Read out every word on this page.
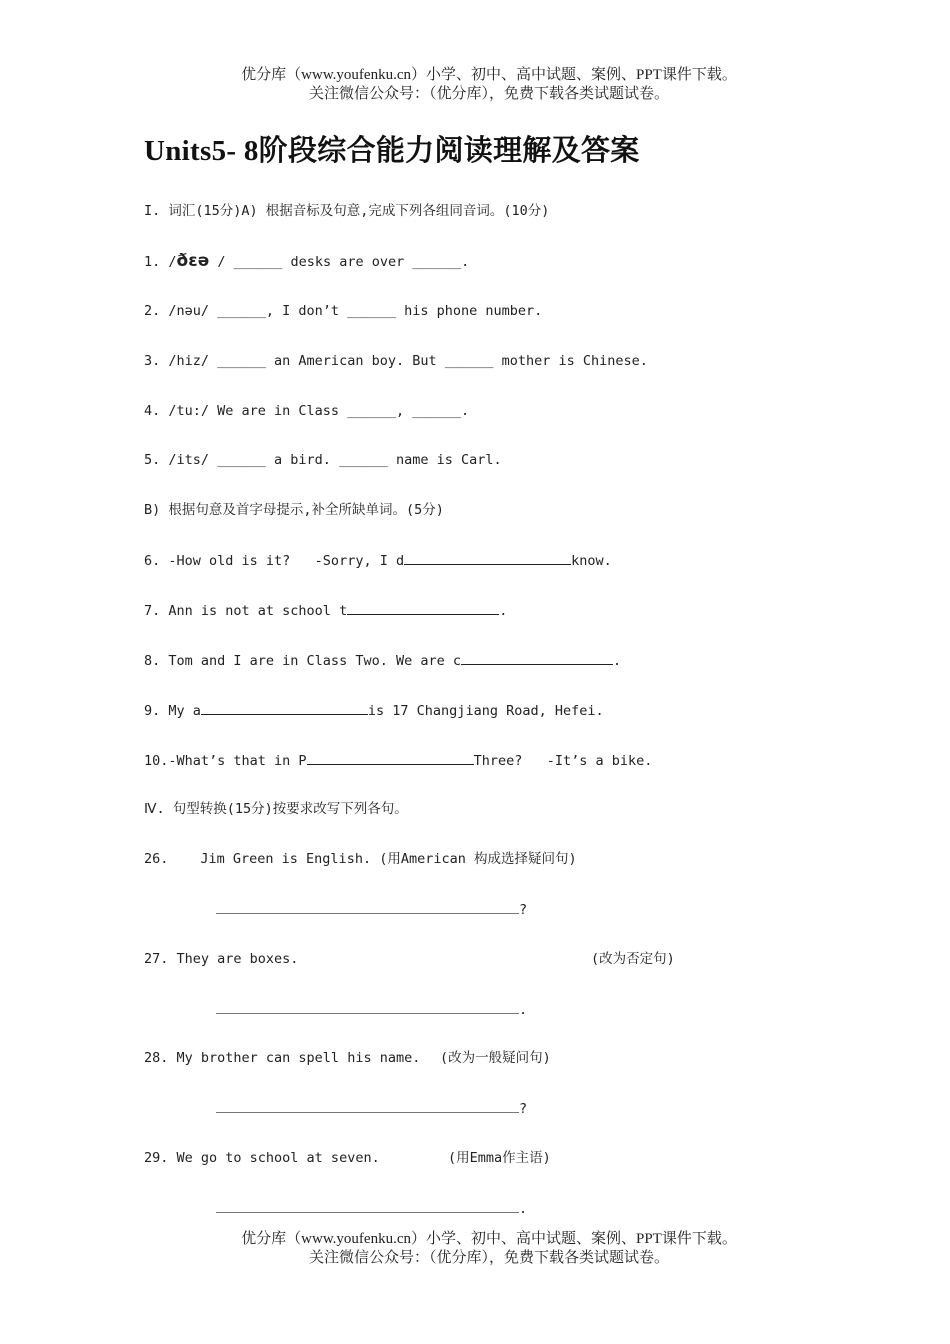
优分库（www.youfenku.cn）小学、初中、高中试题、案例、PPT课件下载。
关注微信公众号：（优分库），免费下载各类试题试卷。
Units5- 8阶段综合能力阅读理解及答案
I. 词汇(15分)A) 根据音标及句意,完成下列各组同音词。(10分)
1. /ðɛə / ______ desks are over ______.
2. /nəu/ ______, I don’t ______ his phone number.
3. /hiz/ ______ an American boy. But ______ mother is Chinese.
4. /tu:/ We are in Class ______, ______.
5. /its/ ______ a bird. ______ name is Carl.
B) 根据句意及首字母提示,补全所缺单词。(5分)
6. -How old is it?   -Sorry, I d	know.
7. Ann is not at school t	.
8. Tom and I are in Class Two. We are c	.
9. My a	is 17 Changjiang Road, Hefei.
10.-What’s that in P	Three?   -It’s a bike.
Ⅳ. 句型转换(15分)按要求改写下列各句。
26. Jim Green is English. (用American 构成选择疑问句)
?
27. They are boxes.	(改为否定句)
.
28. My brother can spell his name. (改为一般疑问句)
?
29. We go to school at seven.	(用Emma作主语)
.
优分库（www.youfenku.cn）小学、初中、高中试题、案例、PPT课件下载。
关注微信公众号：（优分库），免费下载各类试题试卷。
